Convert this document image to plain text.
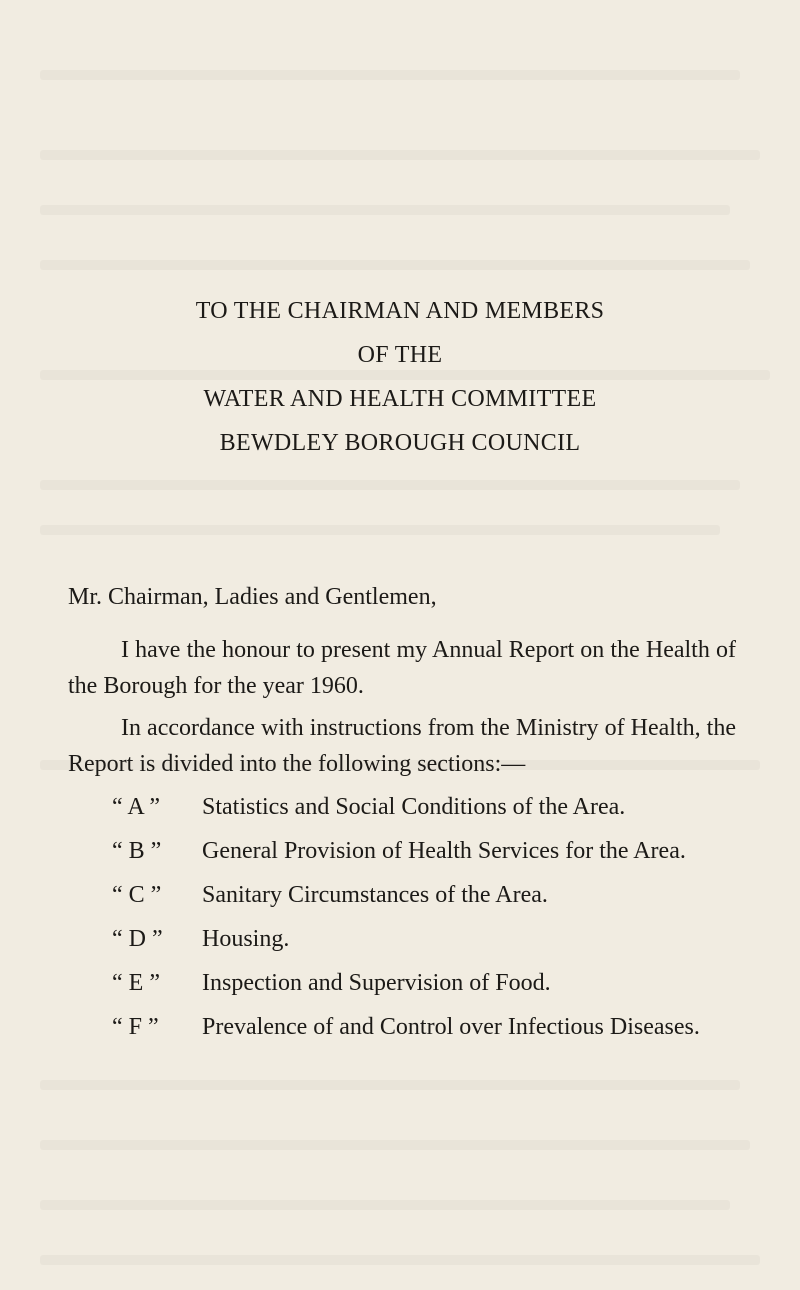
TO THE CHAIRMAN AND MEMBERS
OF THE
WATER AND HEALTH COMMITTEE
BEWDLEY BOROUGH COUNCIL
Mr. Chairman, Ladies and Gentlemen,
I have the honour to present my Annual Report on the Health of the Borough for the year 1960.
In accordance with instructions from the Ministry of Health, the Report is divided into the following sections:—
“ A ”	Statistics and Social Conditions of the Area.
“ B ”	General Provision of Health Services for the Area.
“ C ”	Sanitary Circumstances of the Area.
“ D ”	Housing.
“ E ”	Inspection and Supervision of Food.
“ F ”	Prevalence of and Control over Infectious Diseases.
